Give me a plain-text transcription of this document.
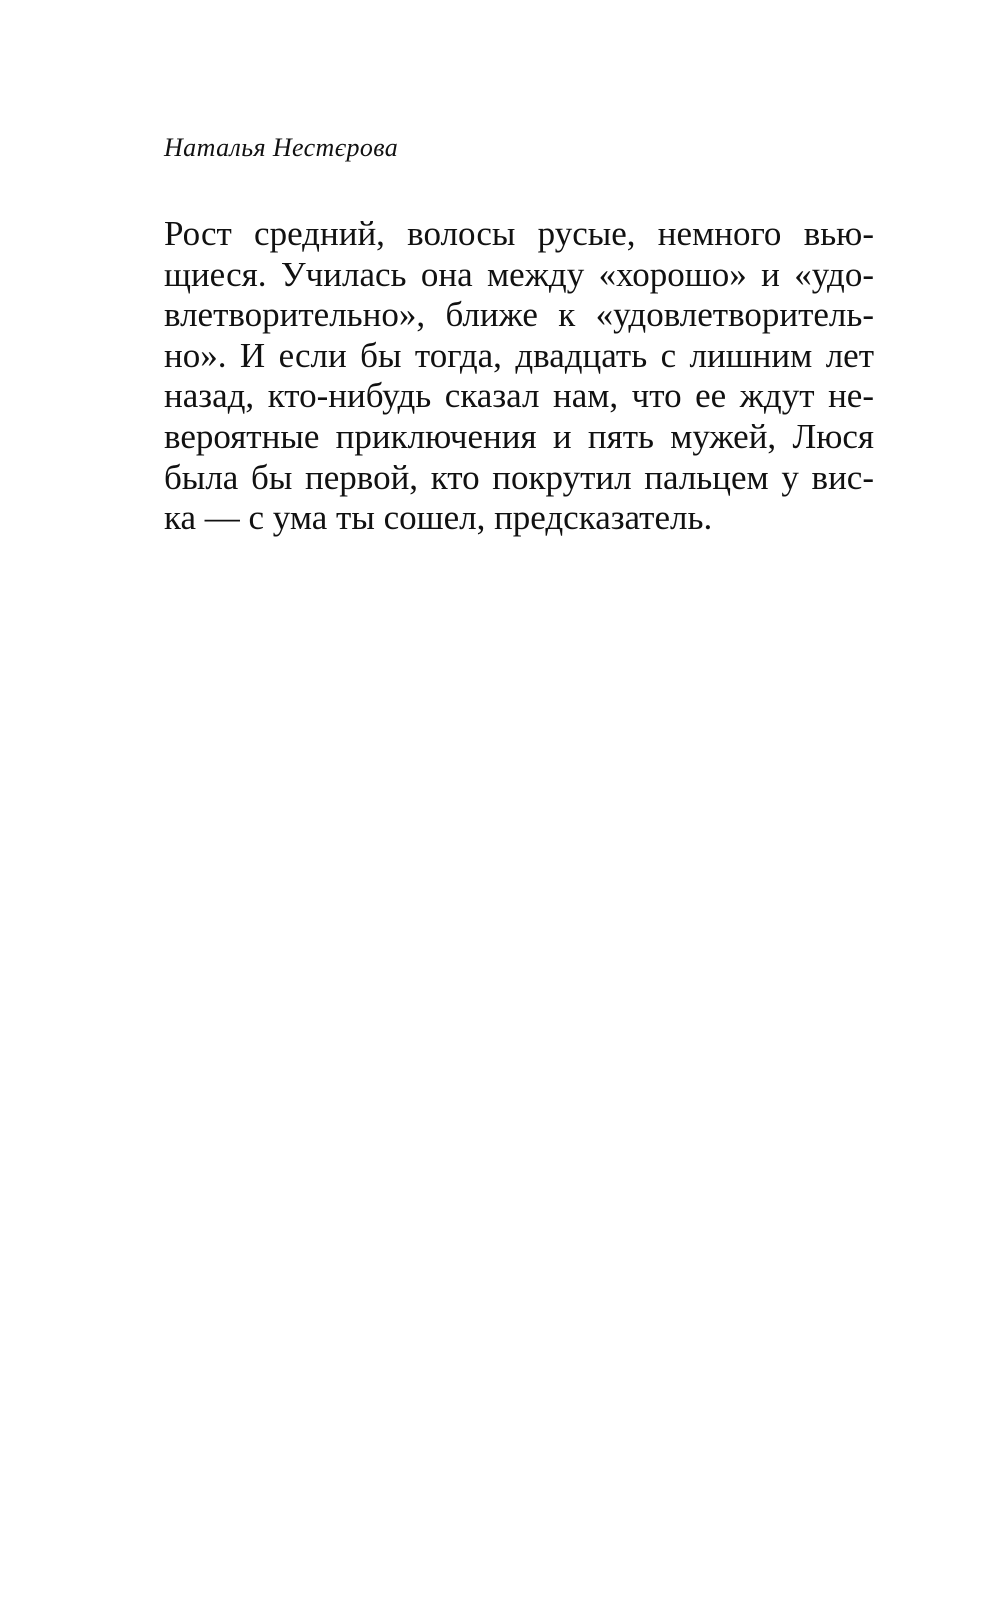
Наталья Нестєрова
Рост средний, волосы русые, немного вью-
щиеся. Училась она между «хорошо» и «удо-
влетворительно», ближе к «удовлетворитель-
но». И если бы тогда, двадцать с лишним лет
назад, кто-нибудь сказал нам, что ее ждут не-
вероятные приключения и пять мужей, Люся
была бы первой, кто покрутил пальцем у вис-
ка — с ума ты сошел, предсказатель.
